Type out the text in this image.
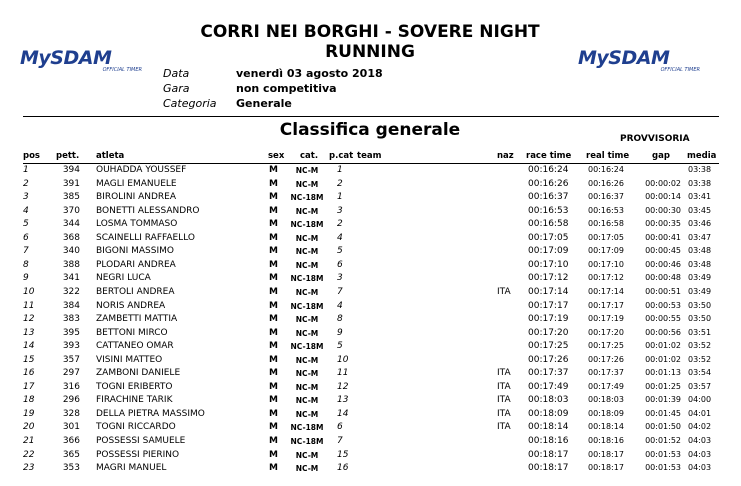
MySDAM
OFFICIAL TIMER
MySDAM
OFFICIAL TIMER
CORRI NEI BORGHI - SOVERE NIGHT
RUNNING
Data	venerdì 03 agosto 2018
Gara	non competitiva
Categoria Generale
Classifica generale	PROVVISORIA
pos pett. atleta	sex cat. p.cat team	naz race time real time	gap media
1	394 OUHADDA YOUSSEF	M	NC-M	1	00:16:24 00:16:24	03:38
2	391 MAGLI EMANUELE	M	NC-M	2	00:16:26 00:16:26	00:00:02 03:38
3	385 BIROLINI ANDREA	M	NC-18M	1	00:16:37 00:16:37	00:00:14 03:41
4	370 BONETTI ALESSANDRO	M	NC-M	3	00:16:53 00:16:53	00:00:30 03:45
5	344 LOSMA TOMMASO	M	NC-18M	2	00:16:58 00:16:58	00:00:35 03:46
6	368 SCAINELLI RAFFAELLO	M	NC-M	4	00:17:05 00:17:05	00:00:41 03:47
7	340 BIGONI MASSIMO	M	NC-M	5	00:17:09 00:17:09	00:00:45 03:48
8	388 PLODARI ANDREA	M	NC-M	6	00:17:10 00:17:10	00:00:46 03:48
9	341 NEGRI LUCA	M	NC-18M	3	00:17:12 00:17:12	00:00:48 03:49
10	322 BERTOLI ANDREA	M	NC-M	7	ITA 00:17:14 00:17:14	00:00:51 03:49
11	384 NORIS ANDREA	M	NC-18M	4	00:17:17 00:17:17	00:00:53 03:50
12	383 ZAMBETTI MATTIA	M	NC-M	8	00:17:19 00:17:19	00:00:55 03:50
13	395 BETTONI MIRCO	M	NC-M	9	00:17:20 00:17:20	00:00:56 03:51
14	393 CATTANEO OMAR	M	NC-18M	5	00:17:25 00:17:25	00:01:02 03:52
15	357 VISINI MATTEO	M	NC-M	10	00:17:26 00:17:26	00:01:02 03:52
16	297 ZAMBONI DANIELE	M	NC-M	11	ITA 00:17:37 00:17:37	00:01:13 03:54
17	316 TOGNI ERIBERTO	M	NC-M	12	ITA 00:17:49 00:17:49	00:01:25 03:57
18	296 FIRACHINE TARIK	M	NC-M	13	ITA 00:18:03 00:18:03	00:01:39 04:00
19	328 DELLA PIETRA MASSIMO	M	NC-M	14	ITA 00:18:09 00:18:09	00:01:45 04:01
20	301 TOGNI RICCARDO	M	NC-18M	6	ITA 00:18:14 00:18:14	00:01:50 04:02
21	366 POSSESSI SAMUELE	M	NC-18M	7	00:18:16 00:18:16	00:01:52 04:03
22	365 POSSESSI PIERINO	M	NC-M	15	00:18:17 00:18:17	00:01:53 04:03
23	353 MAGRI MANUEL	M	NC-M	16	00:18:17 00:18:17	00:01:53 04:03
